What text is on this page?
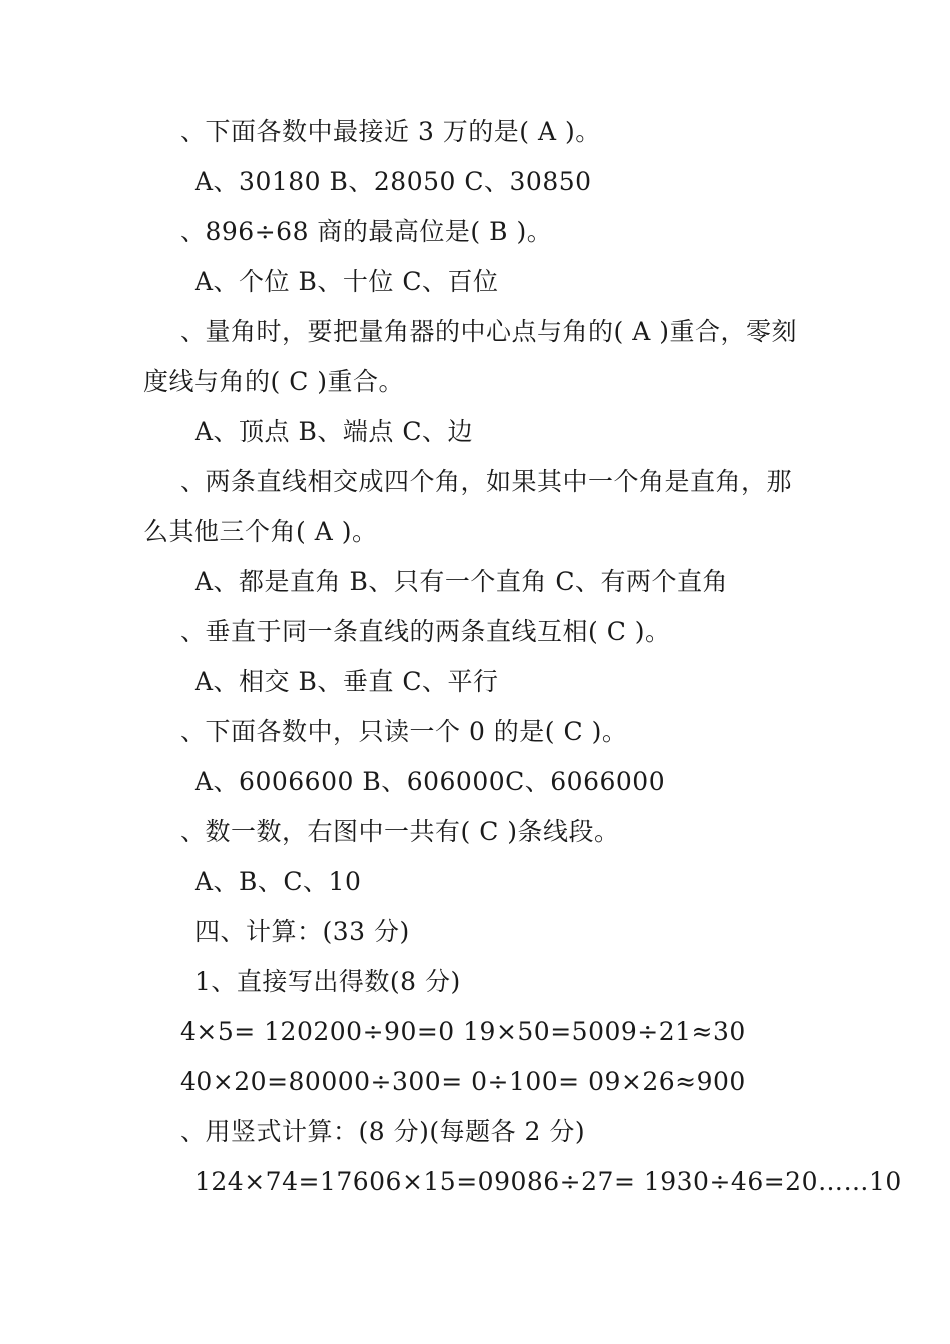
、下面各数中最接近 3 万的是( A )。
A、30180 B、28050 C、30850
、896÷68 商的最高位是( B )。
A、个位 B、十位 C、百位
、量角时，要把量角器的中心点与角的( A )重合，零刻
度线与角的( C )重合。
A、顶点 B、端点 C、边
、两条直线相交成四个角，如果其中一个角是直角，那
么其他三个角( A )。
A、都是直角 B、只有一个直角 C、有两个直角
、垂直于同一条直线的两条直线互相( C )。
A、相交 B、垂直 C、平行
、下面各数中，只读一个 0 的是( C )。
A、6006600 B、606000C、6066000
、数一数，右图中一共有( C )条线段。
A、B、C、10
四、计算：(33 分)
1、直接写出得数(8 分)
4×5= 120200÷90=0 19×50=5009÷21≈30
40×20=80000÷300= 0÷100= 09×26≈900
、用竖式计算：(8 分)(每题各 2 分)
124×74=17606×15=09086÷27= 1930÷46=20……10
